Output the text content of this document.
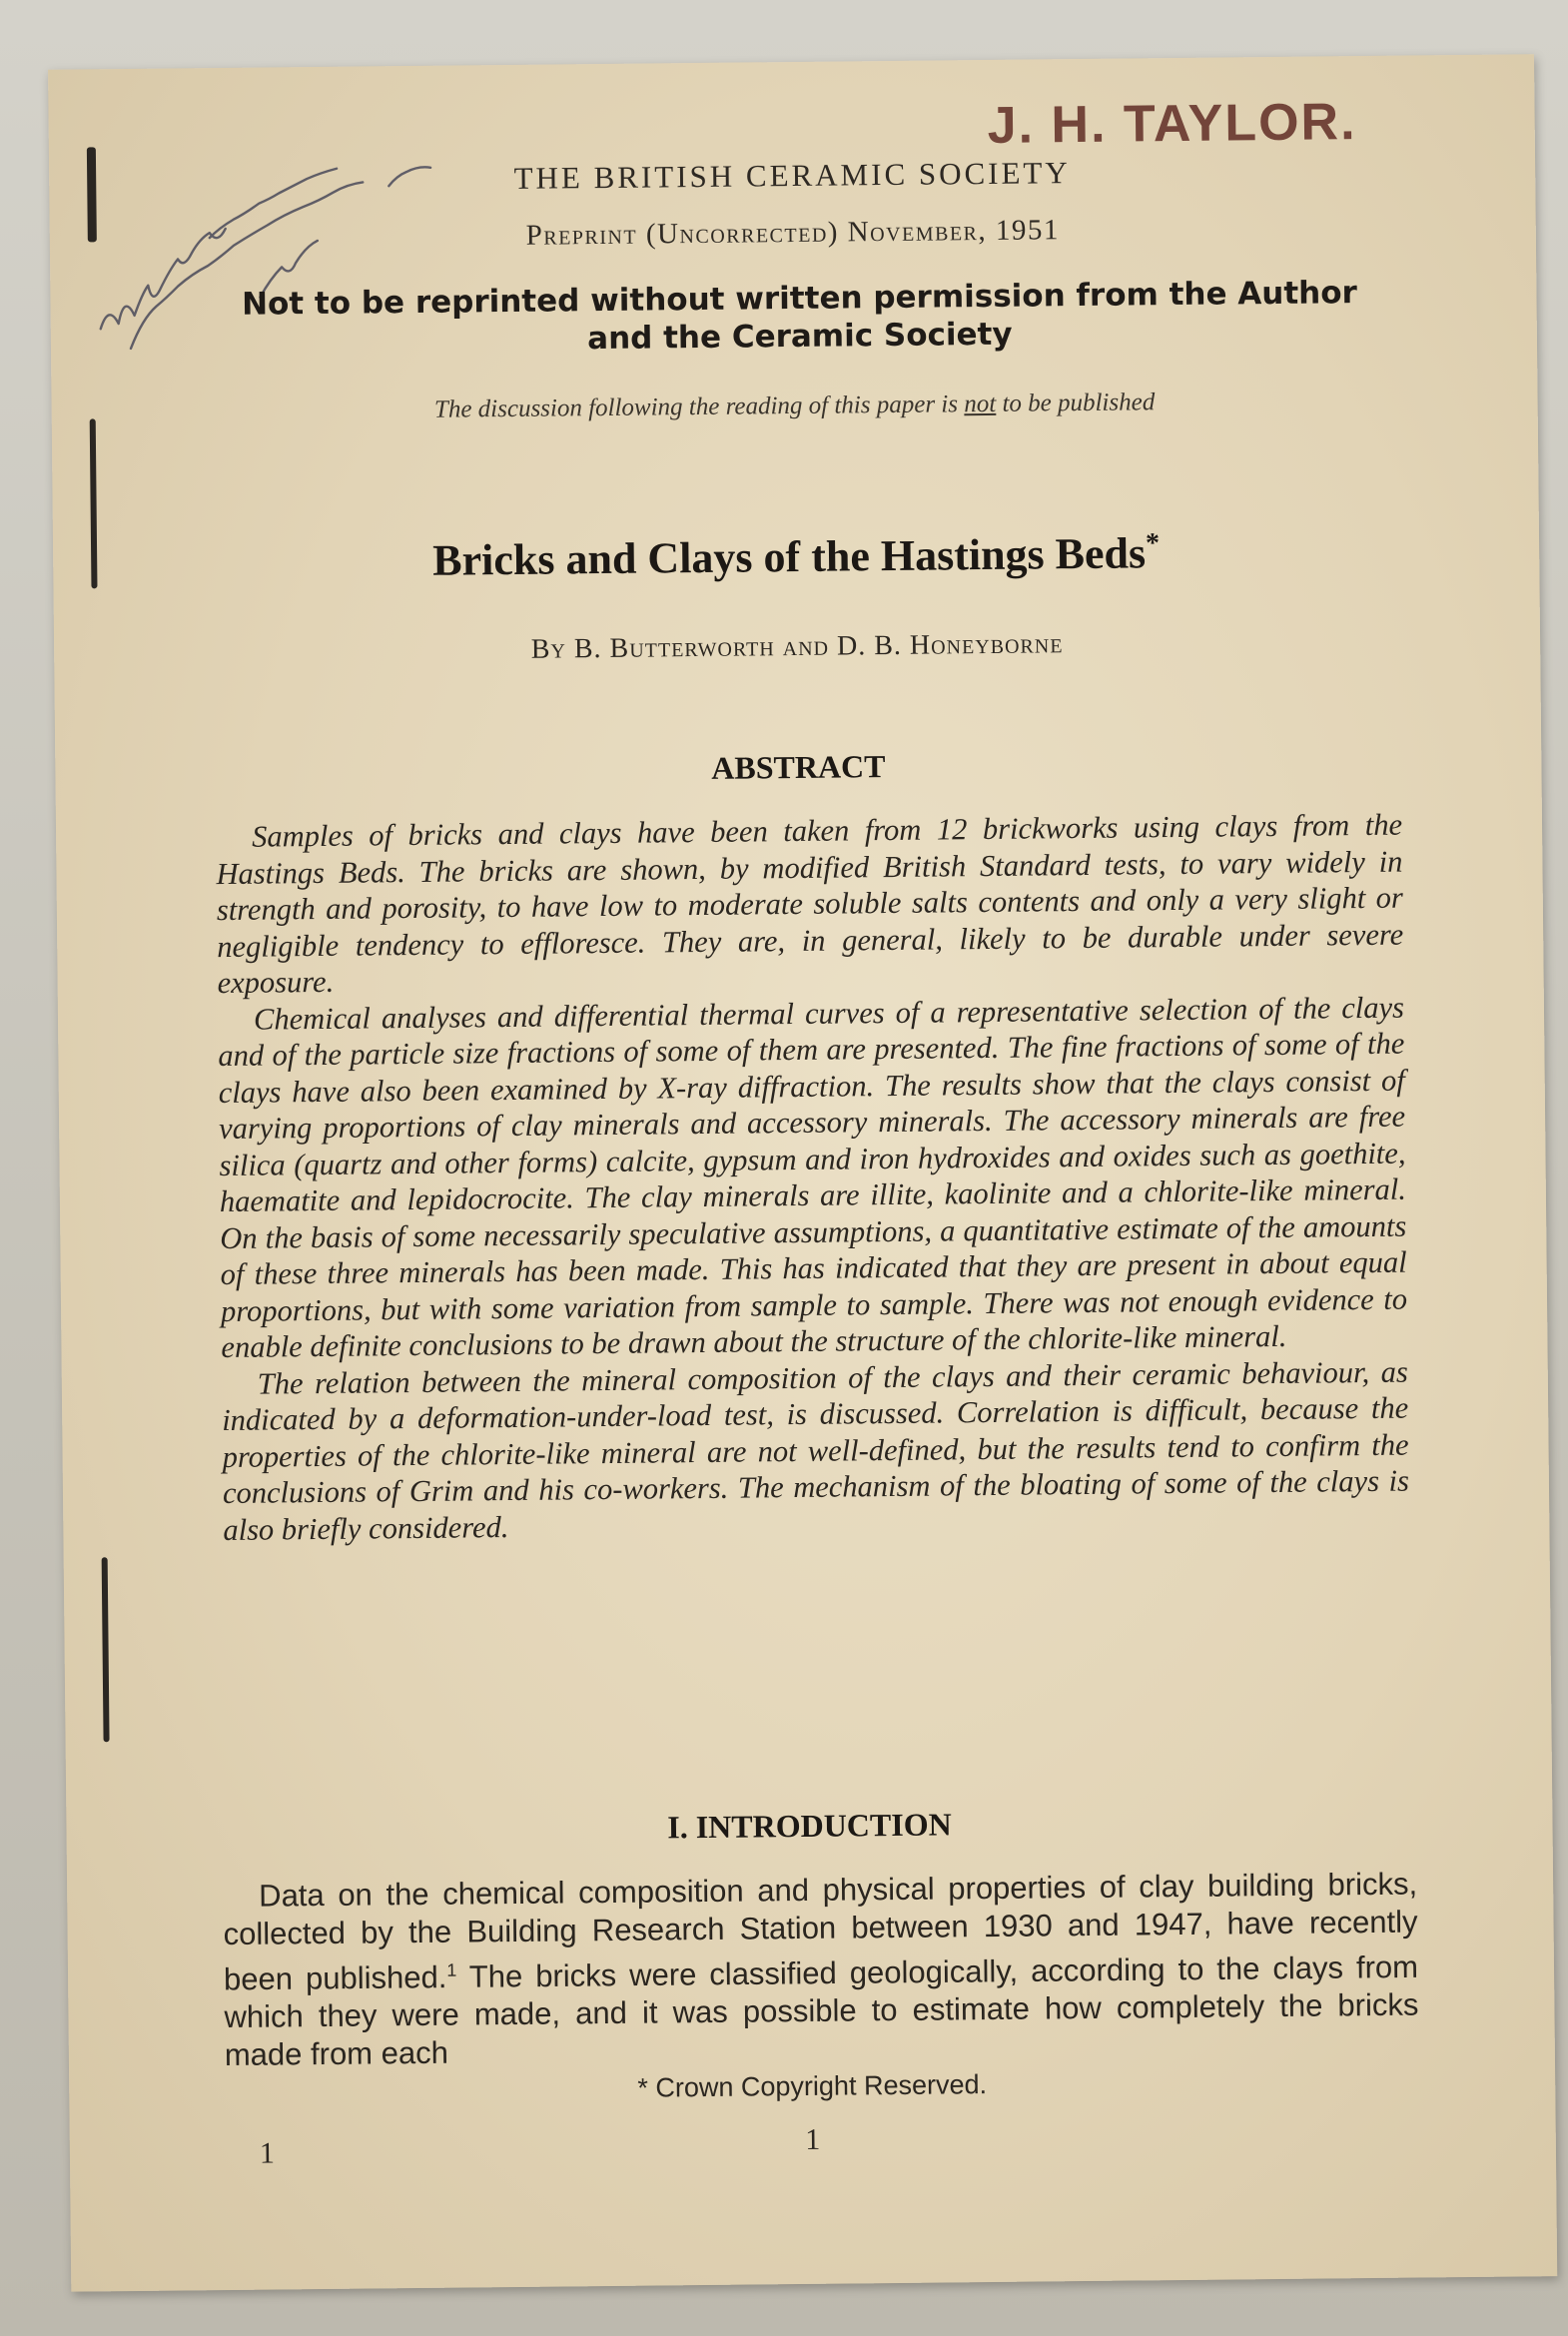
J. H. TAYLOR.
THE BRITISH CERAMIC SOCIETY
Preprint (Uncorrected) November, 1951
Not to be reprinted without written permission from the Author
and the Ceramic Society
The discussion following the reading of this paper is not to be published
Bricks and Clays of the Hastings Beds*
By B. Butterworth and D. B. Honeyborne
ABSTRACT

Samples of bricks and clays have been taken from 12 brickworks using clays from the Hastings Beds. The bricks are shown, by modified British Standard tests, to vary widely in strength and porosity, to have low to moderate soluble salts contents and only a very slight or negligible tendency to effloresce. They are, in general, likely to be durable under severe exposure.

Chemical analyses and differential thermal curves of a representative selection of the clays and of the particle size fractions of some of them are presented. The fine fractions of some of the clays have also been examined by X-ray diffraction. The results show that the clays consist of varying proportions of clay minerals and accessory minerals. The accessory minerals are free silica (quartz and other forms) calcite, gypsum and iron hydroxides and oxides such as goethite, haematite and lepidocrocite. The clay minerals are illite, kaolinite and a chlorite-like mineral. On the basis of some necessarily speculative assumptions, a quantitative estimate of the amounts of these three minerals has been made. This has indicated that they are present in about equal proportions, but with some variation from sample to sample. There was not enough evidence to enable definite conclusions to be drawn about the structure of the chlorite-like mineral.

The relation between the mineral composition of the clays and their ceramic behaviour, as indicated by a deformation-under-load test, is discussed. Correlation is difficult, because the properties of the chlorite-like mineral are not well-defined, but the results tend to confirm the conclusions of Grim and his co-workers. The mechanism of the bloating of some of the clays is also briefly considered.

I. INTRODUCTION

Data on the chemical composition and physical properties of clay building bricks, collected by the Building Research Station between 1930 and 1947, have recently been published.$^1$ The bricks were classified geologically, according to the clays from which they were made, and it was possible to estimate how completely the bricks made from each

* Crown Copyright Reserved.
1	1
